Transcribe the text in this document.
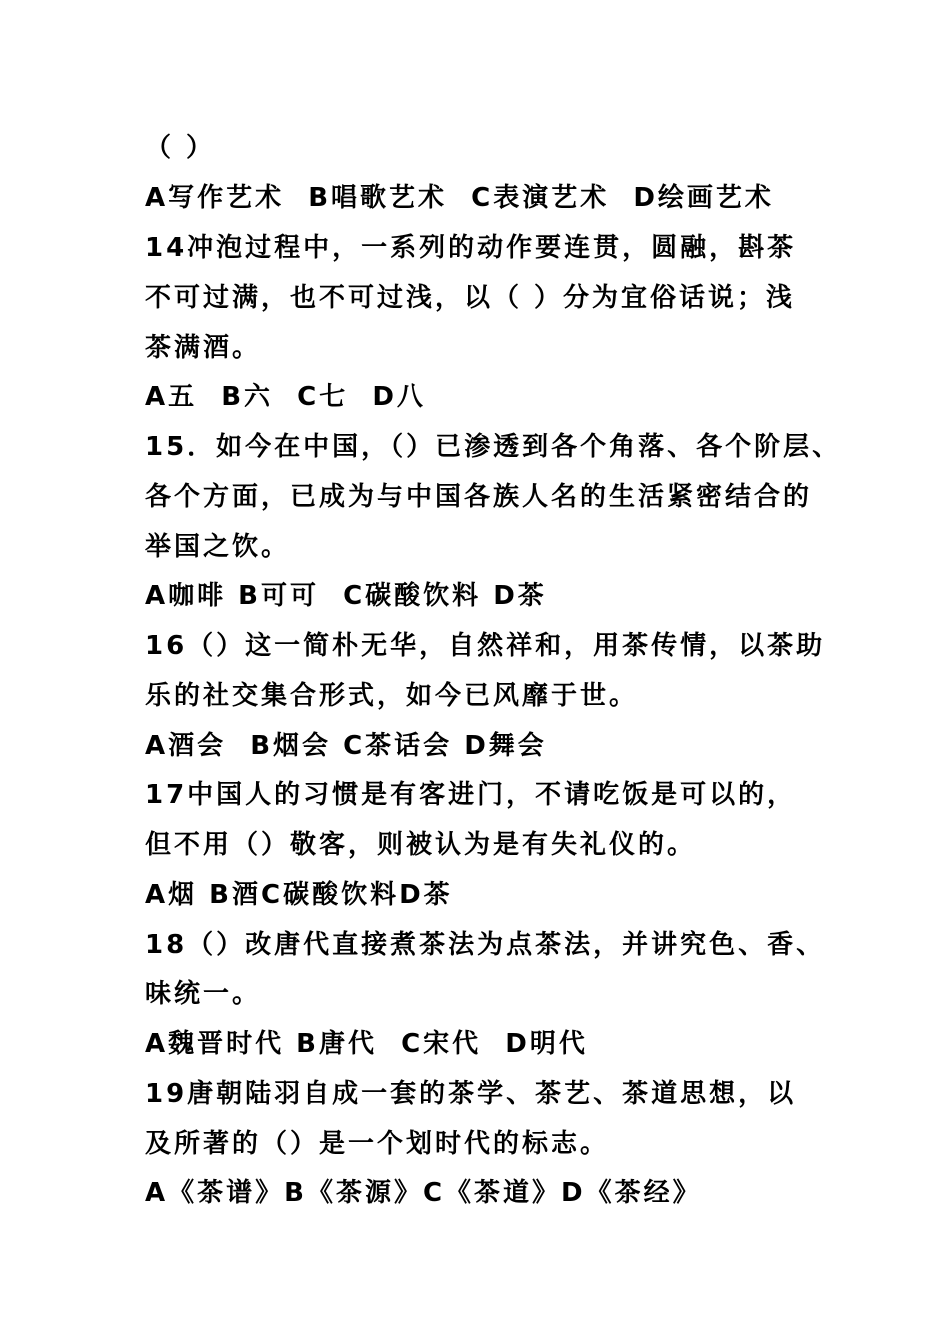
（ ）
A写作艺术  B唱歌艺术  C表演艺术  D绘画艺术
14冲泡过程中，一系列的动作要连贯，圆融，斟茶
不可过满，也不可过浅，以（ ）分为宜俗话说；浅
茶满酒。
A五  B六  C七  D八
15．如今在中国，（）已渗透到各个角落、各个阶层、
各个方面，已成为与中国各族人名的生活紧密结合的
举国之饮。
A咖啡 B可可  C碳酸饮料 D茶
16（）这一简朴无华，自然祥和，用茶传情，以茶助
乐的社交集合形式，如今已风靡于世。
A酒会  B烟会 C茶话会 D舞会
17中国人的习惯是有客进门，不请吃饭是可以的，
但不用（）敬客，则被认为是有失礼仪的。
A烟 B酒C碳酸饮料D茶
18（）改唐代直接煮茶法为点茶法，并讲究色、香、
味统一。
A魏晋时代 B唐代  C宋代  D明代
19唐朝陆羽自成一套的茶学、茶艺、茶道思想，以
及所著的（）是一个划时代的标志。
A《茶谱》B《茶源》C《茶道》D《茶经》
